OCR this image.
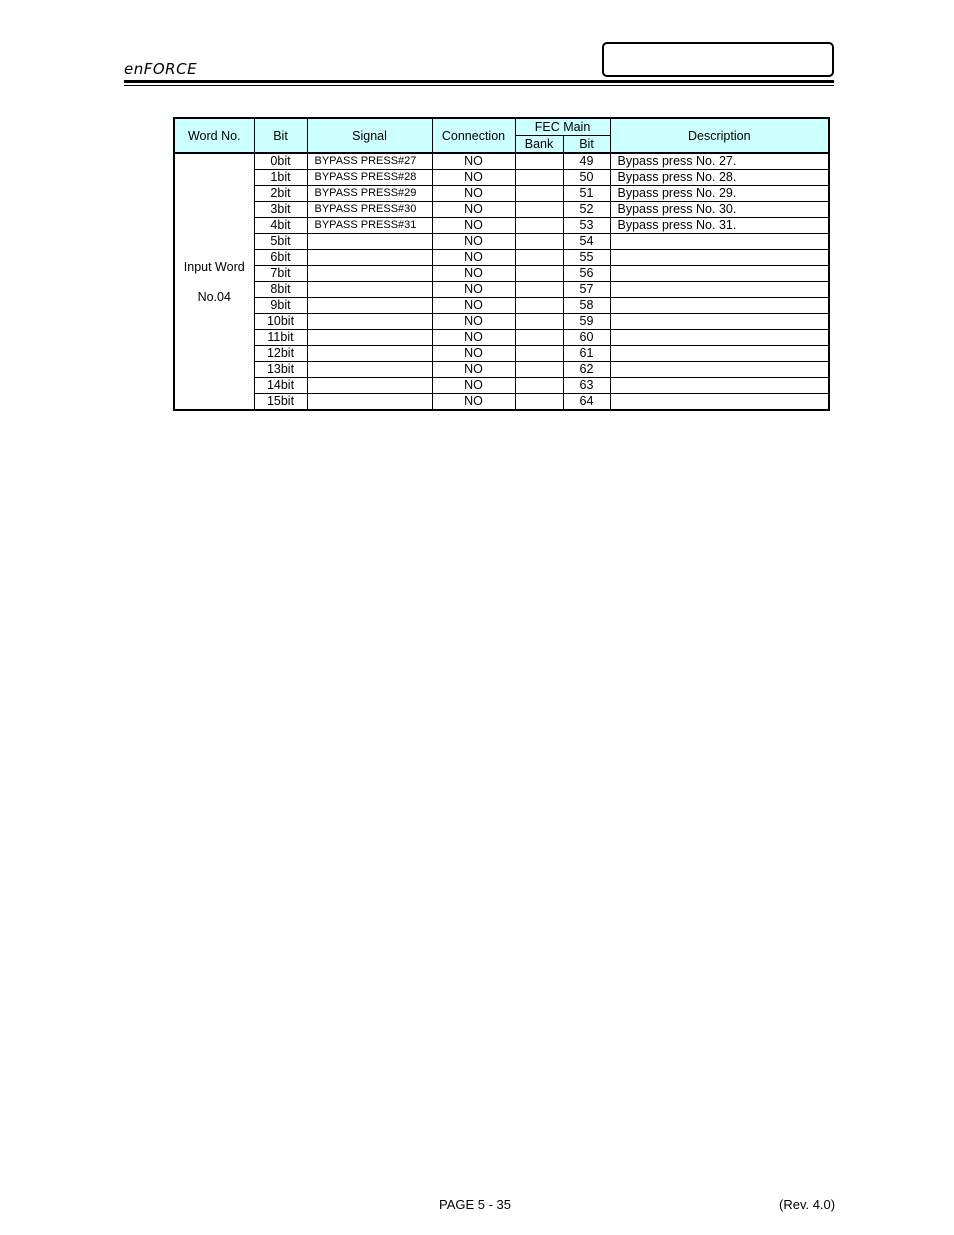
enFORCE
Word No.	Bit	Signal	Connection	FEC Main		Description
				Bank	Bit	

Input Word
No.04	0bit	BYPASS PRESS#27	NO		49	Bypass press No. 27.
	1bit	BYPASS PRESS#28	NO		50	Bypass press No. 28.
	2bit	BYPASS PRESS#29	NO		51	Bypass press No. 29.
	3bit	BYPASS PRESS#30	NO		52	Bypass press No. 30.
	4bit	BYPASS PRESS#31	NO		53	Bypass press No. 31.
	5bit		NO		54	
	6bit		NO		55	
	7bit		NO		56	
	8bit		NO		57	
	9bit		NO		58	
	10bit		NO		59	
	11bit		NO		60	
	12bit		NO		61	
	13bit		NO		62	
	14bit		NO		63	
	15bit		NO		64	
PAGE 5 - 35	(Rev. 4.0)
